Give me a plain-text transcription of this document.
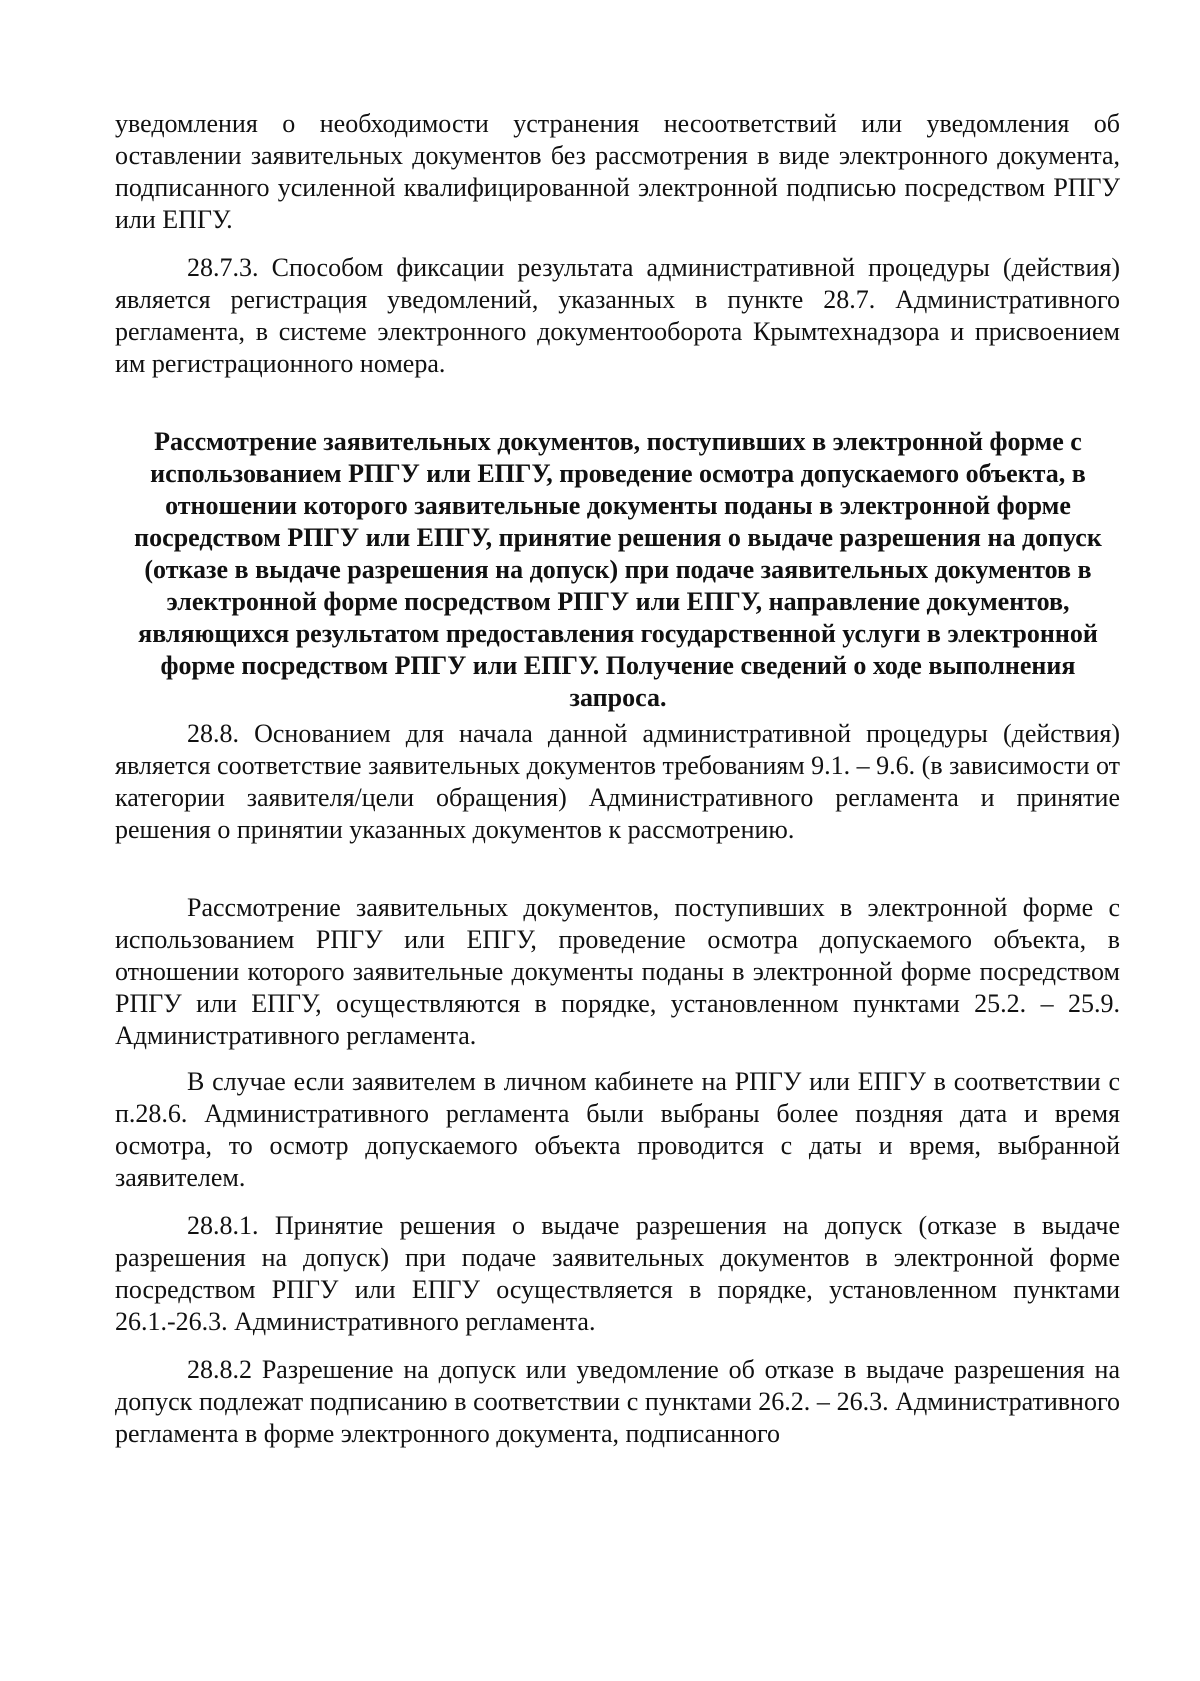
уведомления о необходимости устранения несоответствий или уведомления об оставлении заявительных документов без рассмотрения в виде электронного документа, подписанного усиленной квалифицированной электронной подписью посредством РПГУ или ЕПГУ.

28.7.3. Способом фиксации результата административной процедуры (действия) является регистрация уведомлений, указанных в пункте 28.7. Административного регламента, в системе электронного документооборота Крымтехнадзора и присвоением им регистрационного номера.

Рассмотрение заявительных документов, поступивших в электронной форме с использованием РПГУ или ЕПГУ, проведение осмотра допускаемого объекта, в отношении которого заявительные документы поданы в электронной форме посредством РПГУ или ЕПГУ, принятие решения о выдаче разрешения на допуск (отказе в выдаче разрешения на допуск) при подаче заявительных документов в электронной форме посредством РПГУ или ЕПГУ, направление документов, являющихся результатом предоставления государственной услуги в электронной форме посредством РПГУ или ЕПГУ. Получение сведений о ходе выполнения запроса.

28.8. Основанием для начала данной административной процедуры (действия) является соответствие заявительных документов требованиям 9.1. – 9.6. (в зависимости от категории заявителя/цели обращения) Административного регламента и принятие решения о принятии указанных документов к рассмотрению.

Рассмотрение заявительных документов, поступивших в электронной форме с использованием РПГУ или ЕПГУ, проведение осмотра допускаемого объекта, в отношении которого заявительные документы поданы в электронной форме посредством РПГУ или ЕПГУ, осуществляются в порядке, установленном пунктами 25.2. – 25.9. Административного регламента.

В случае если заявителем в личном кабинете на РПГУ или ЕПГУ в соответствии с п.28.6. Административного регламента были выбраны более поздняя дата и время осмотра, то осмотр допускаемого объекта проводится с даты и время, выбранной заявителем.

28.8.1. Принятие решения о выдаче разрешения на допуск (отказе в выдаче разрешения на допуск) при подаче заявительных документов в электронной форме посредством РПГУ или ЕПГУ осуществляется в порядке, установленном пунктами 26.1.-26.3. Административного регламента.

28.8.2 Разрешение на допуск или уведомление об отказе в выдаче разрешения на допуск подлежат подписанию в соответствии с пунктами 26.2. – 26.3. Административного регламента в форме электронного документа, подписанного
